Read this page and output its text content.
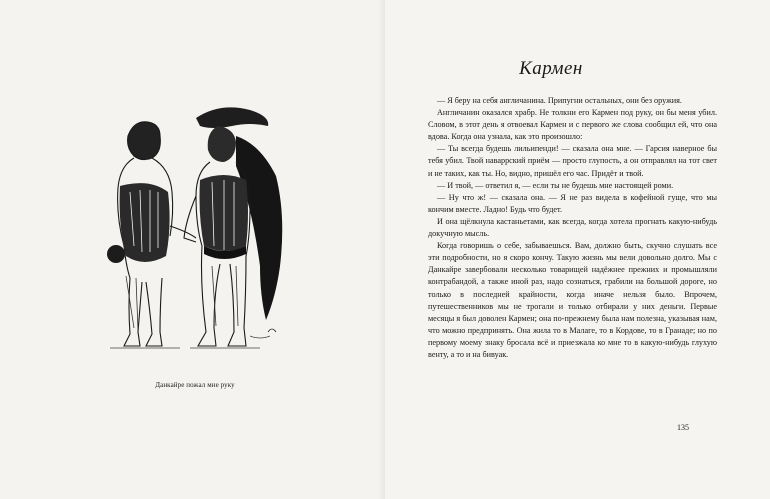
Данкайре пожал мне руку
Кармен

— Я беру на себя англичанина. Припугни остальных, они без оружия.

Англичанин оказался храбр. Не толкни его Кармен под руку, он бы меня убил. Словом, в этот день я отвоевал Кармен и с первого же слова сообщил ей, что она вдова. Когда она узнала, как это произошло:

— Ты всегда будешь лильипенди! — сказала она мне. — Гарсия наверное бы тебя убил. Твой наваррский приём — просто глупость, а он отправлял на тот свет и не таких, как ты. Но, видно, пришёл его час. Придёт и твой.

— И твой, — ответил я, — если ты не будешь мне настоящей роми.

— Ну что ж! — сказала она. — Я не раз видела в кофейной гуще, что мы кончим вместе. Ладно! Будь что будет.

И она щёлкнула кастаньетами, как всегда, когда хотела прогнать какую-нибудь докучную мысль.

Когда говоришь о себе, забываешься. Вам, должно быть, скучно слушать все эти подробности, но я скоро кончу. Такую жизнь мы вели довольно долго. Мы с Данкайре завербовали несколько товарищей надёжнее прежних и промышляли контрабандой, а также иной раз, надо сознаться, грабили на большой дороге, но только в последней крайности, когда иначе нельзя было. Впрочем, путешественников мы не трогали и только отбирали у них деньги. Первые месяцы я был доволен Кармен; она по-прежнему была нам полезна, указывая нам, что можно предпринять. Она жила то в Малаге, то в Кордове, то в Гранаде; но по первому моему знаку бросала всё и приезжала ко мне то в какую-нибудь глухую венту, а то и на бивуак.

135
